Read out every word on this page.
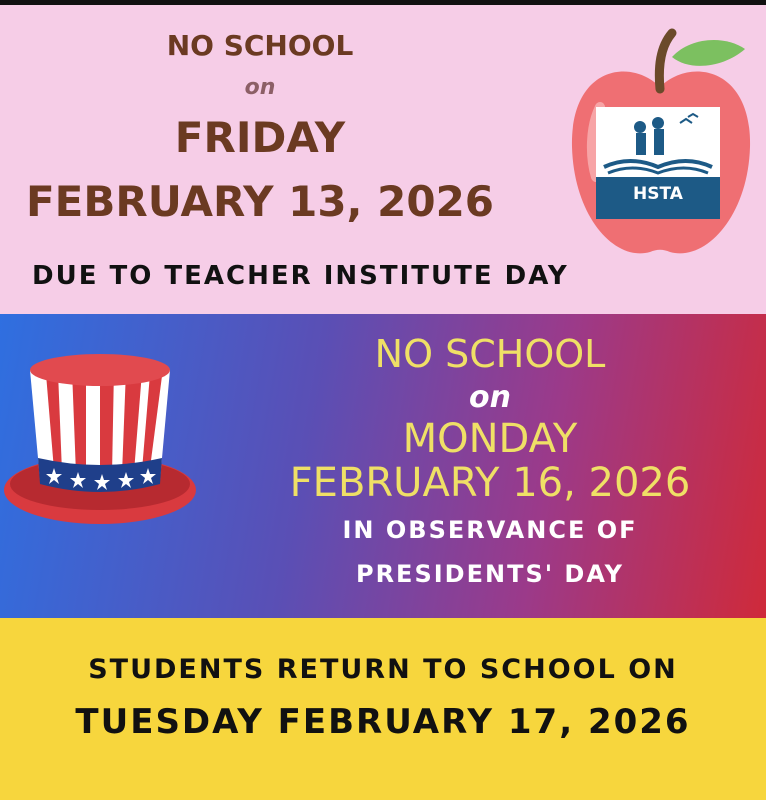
NO SCHOOL
on
FRIDAY
FEBRUARY 13, 2026
DUE TO TEACHER INSTITUTE DAY
HSTA
NO SCHOOL
on
MONDAY
FEBRUARY 16, 2026
IN OBSERVANCE OF
PRESIDENTS' DAY
STUDENTS RETURN TO SCHOOL ON
TUESDAY FEBRUARY 17, 2026
